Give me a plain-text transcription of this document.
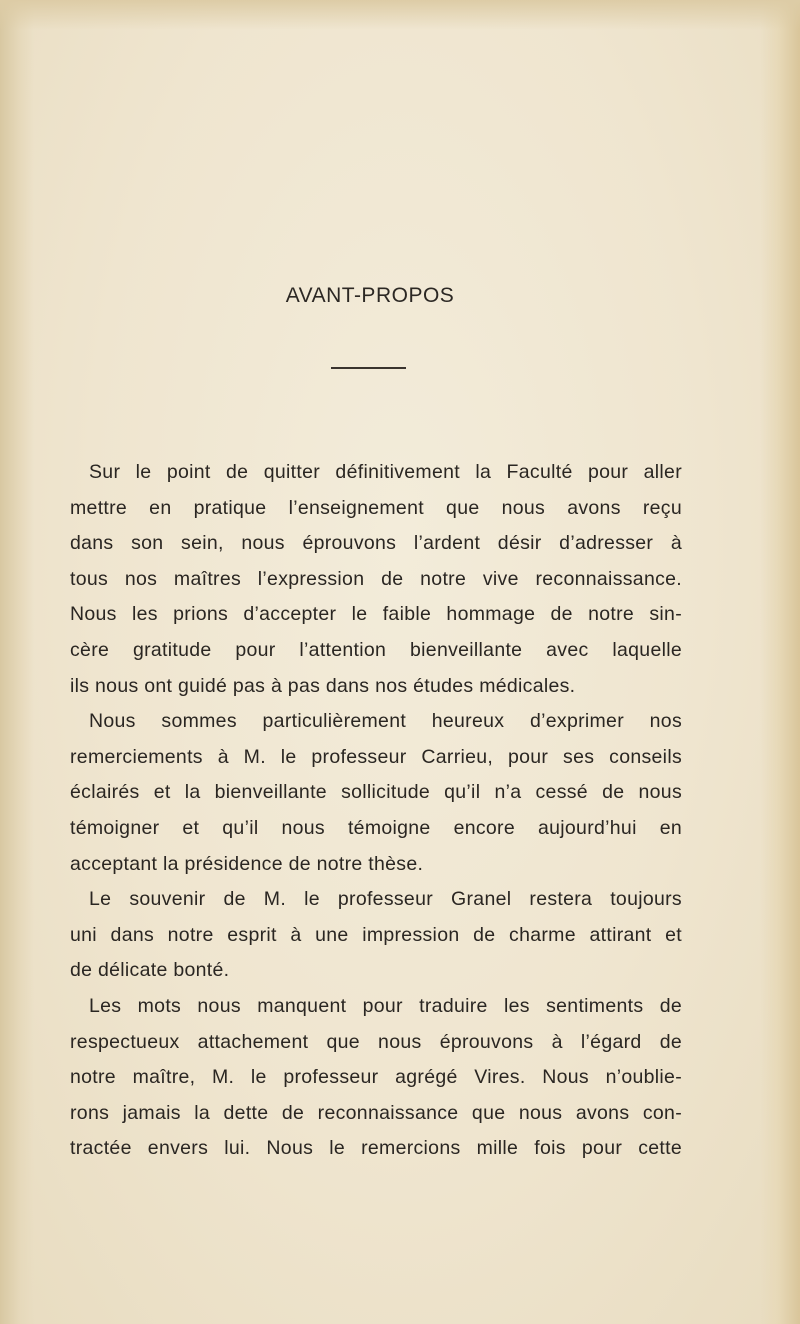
AVANT-PROPOS
Sur le point de quitter définitivement la Faculté pour aller
mettre en pratique l’enseignement que nous avons reçu
dans son sein, nous éprouvons l’ardent désir d’adresser à
tous nos maîtres l’expression de notre vive reconnaissance.
Nous les prions d’accepter le faible hommage de notre sin-
cère gratitude pour l’attention bienveillante avec laquelle
ils nous ont guidé pas à pas dans nos études médicales.
Nous sommes particulièrement heureux d’exprimer nos
remerciements à M. le professeur Carrieu, pour ses conseils
éclairés et la bienveillante sollicitude qu’il n’a cessé de nous
témoigner et qu’il nous témoigne encore aujourd’hui en
acceptant la présidence de notre thèse.
Le souvenir de M. le professeur Granel restera toujours
uni dans notre esprit à une impression de charme attirant et
de délicate bonté.
Les mots nous manquent pour traduire les sentiments de
respectueux attachement que nous éprouvons à l’égard de
notre maître, M. le professeur agrégé Vires. Nous n’oublie-
rons jamais la dette de reconnaissance que nous avons con-
tractée envers lui. Nous le remercions mille fois pour cette
